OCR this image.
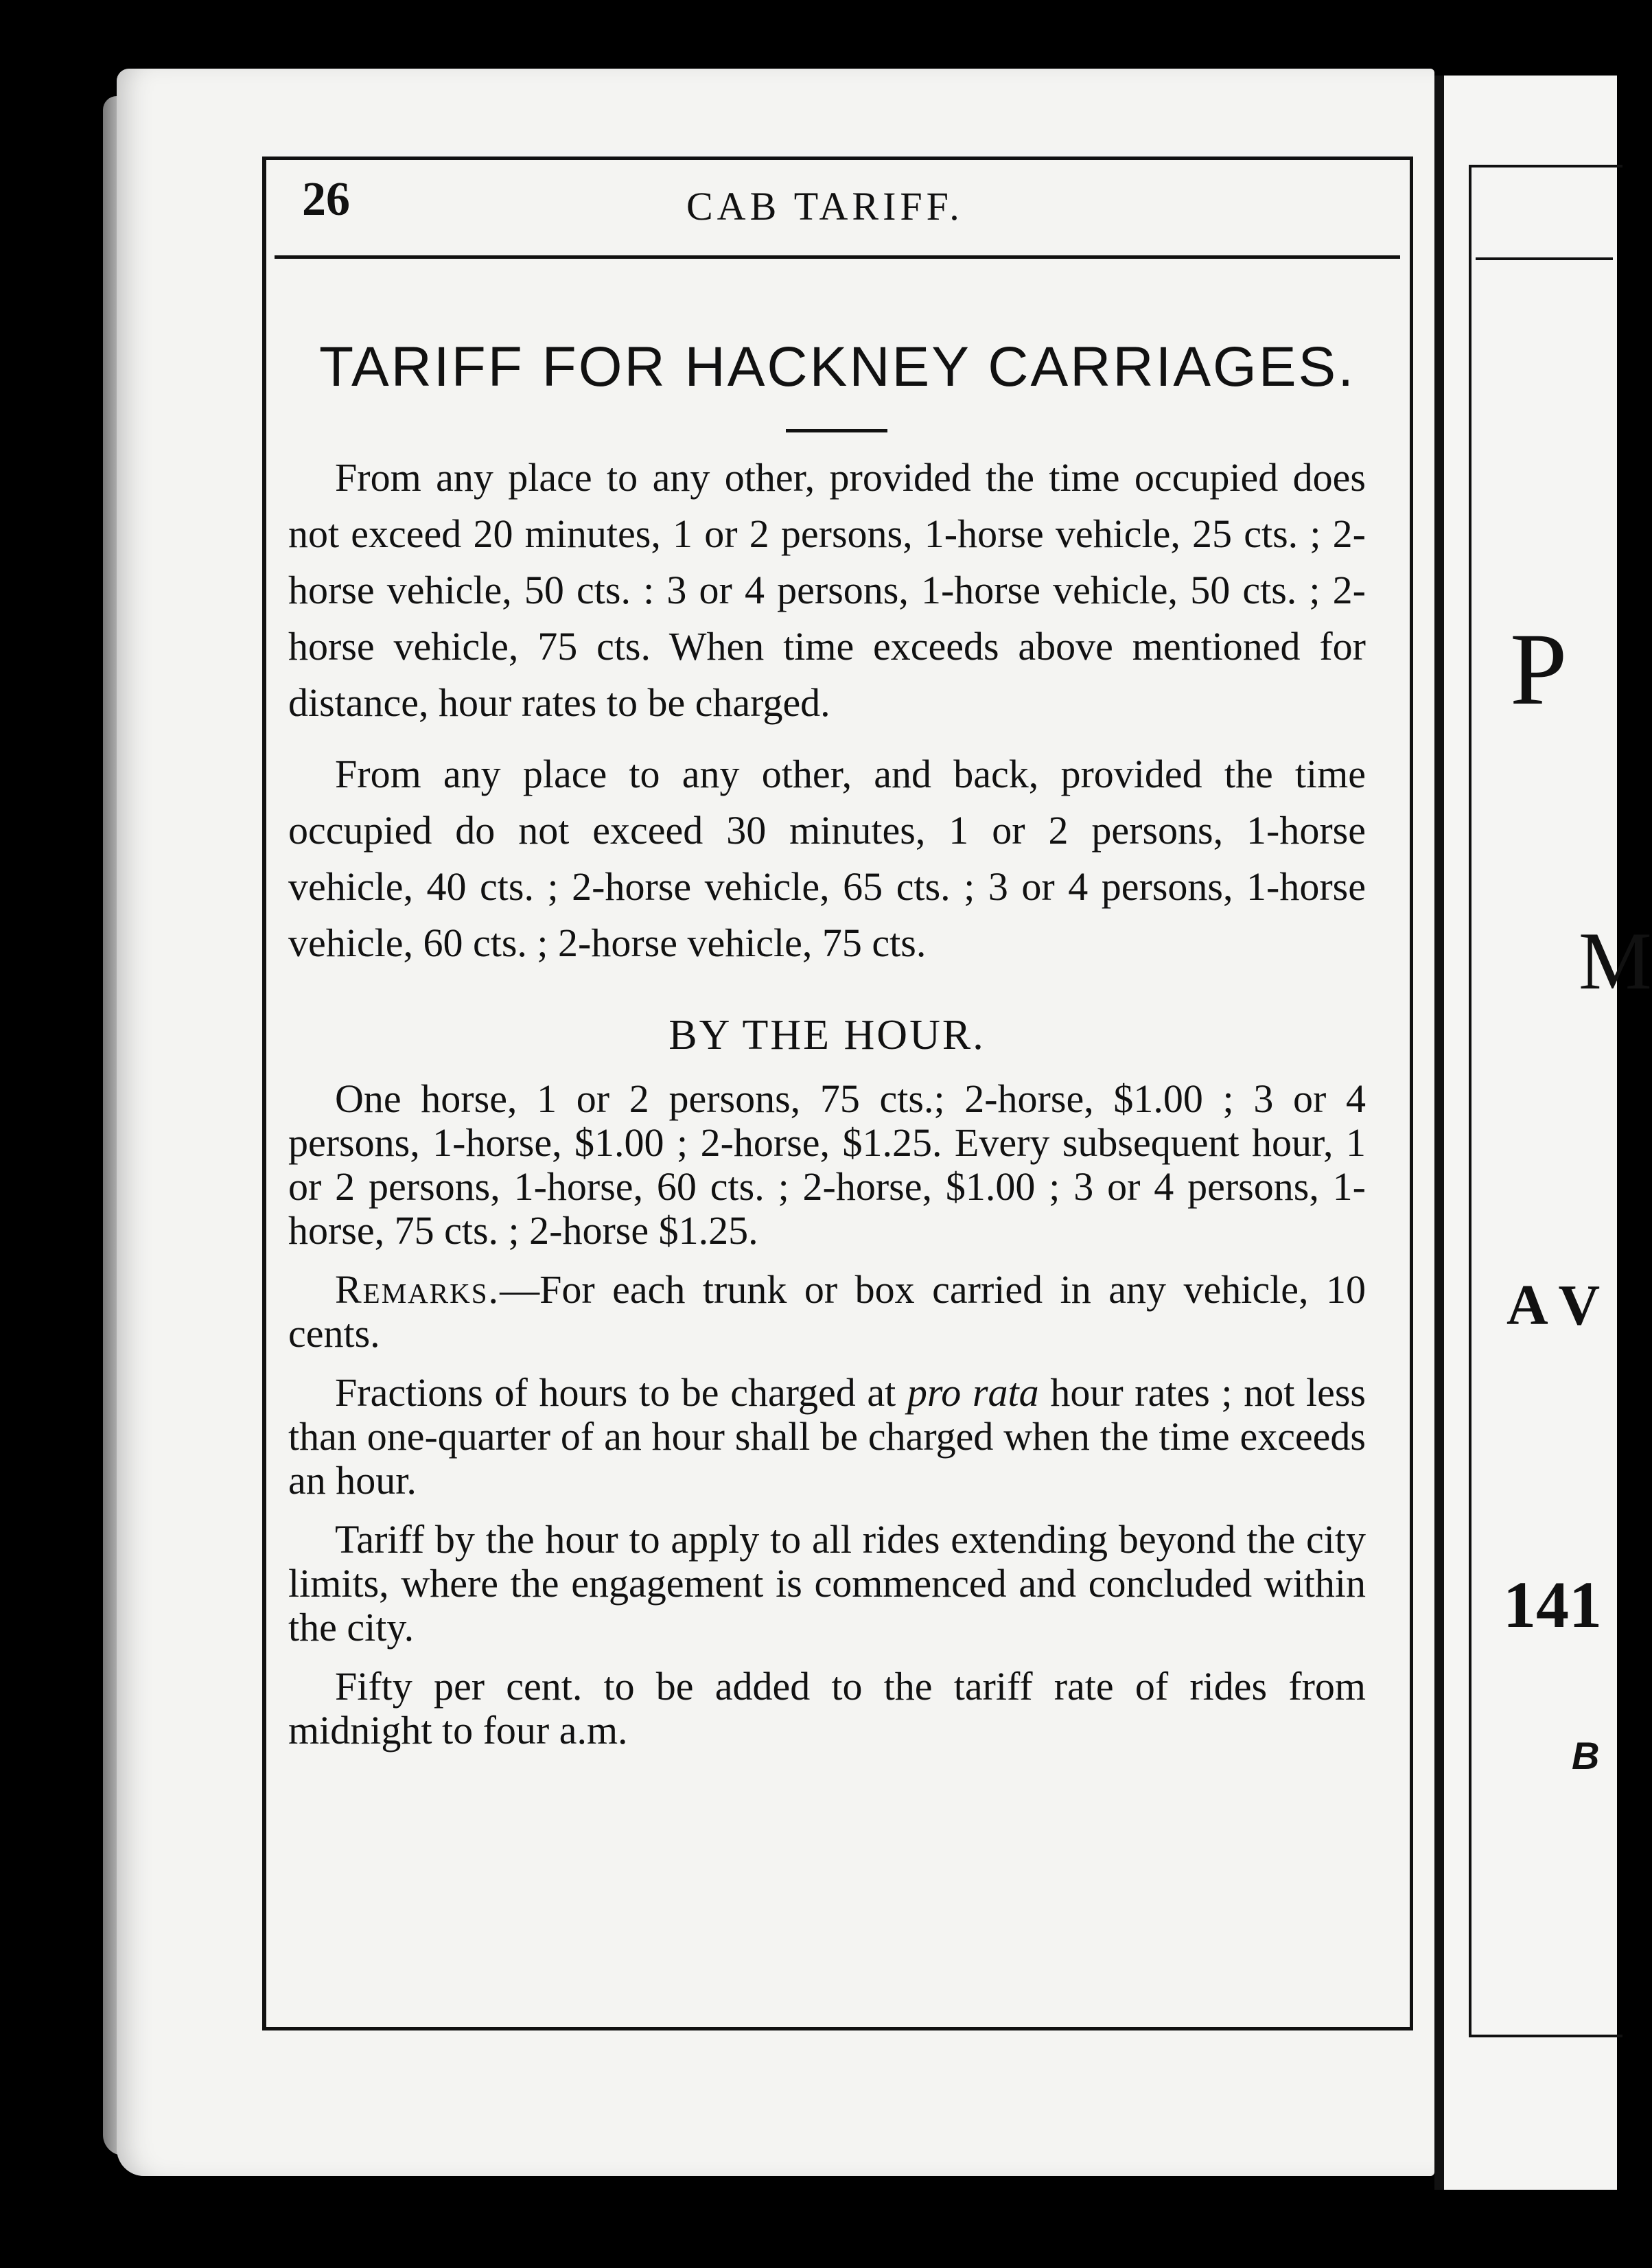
P
M
A V
141
B
26	CAB TARIFF.
TARIFF FOR HACKNEY CARRIAGES.

From any place to any other, provided the time occupied does not exceed 20 minutes, 1 or 2 persons, 1-horse vehicle, 25 cts. ; 2-horse vehicle, 50 cts. : 3 or 4 persons, 1-horse vehicle, 50 cts. ; 2-horse vehicle, 75 cts. When time exceeds above mentioned for distance, hour rates to be charged.

From any place to any other, and back, provided the time occupied do not exceed 30 minutes, 1 or 2 persons, 1-horse vehicle, 40 cts. ; 2-horse vehicle, 65 cts. ; 3 or 4 persons, 1-horse vehicle, 60 cts. ; 2-horse vehicle, 75 cts.

BY THE HOUR.

One horse, 1 or 2 persons, 75 cts.; 2-horse, $1.00 ; 3 or 4 persons, 1-horse, $1.00 ; 2-horse, $1.25. Every subsequent hour, 1 or 2 persons, 1-horse, 60 cts. ; 2-horse, $1.00 ; 3 or 4 persons, 1-horse, 75 cts. ; 2-horse $1.25.

Remarks.—For each trunk or box carried in any vehicle, 10 cents.

Fractions of hours to be charged at pro rata hour rates ; not less than one-quarter of an hour shall be charged when the time exceeds an hour.

Tariff by the hour to apply to all rides extending beyond the city limits, where the engagement is commenced and concluded within the city.

Fifty per cent. to be added to the tariff rate of rides from midnight to four a.m.
